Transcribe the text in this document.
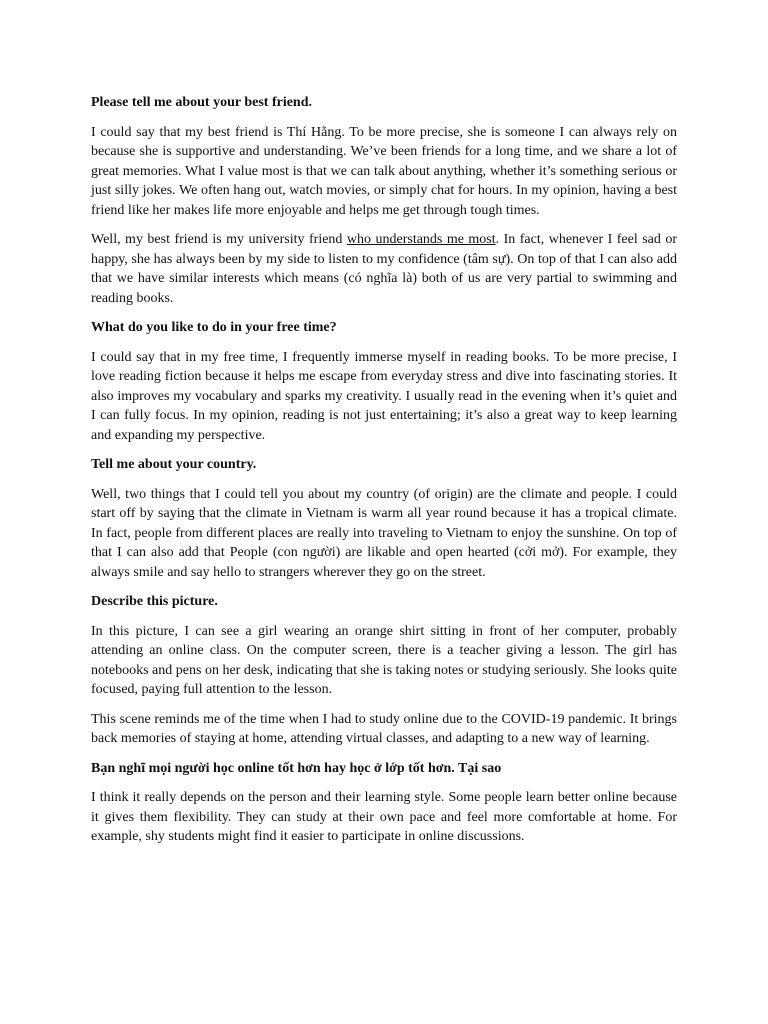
Please tell me about your best friend.
I could say that my best friend is Thí Hằng. To be more precise, she is someone I can always rely on because she is supportive and understanding. We’ve been friends for a long time, and we share a lot of great memories. What I value most is that we can talk about anything, whether it’s something serious or just silly jokes. We often hang out, watch movies, or simply chat for hours. In my opinion, having a best friend like her makes life more enjoyable and helps me get through tough times.
Well, my best friend is my university friend who understands me most. In fact, whenever I feel sad or happy, she has always been by my side to listen to my confidence (tâm sự). On top of that I can also add that we have similar interests which means (có nghĩa là) both of us are very partial to swimming and reading books.
What do you like to do in your free time?
I could say that in my free time, I frequently immerse myself in reading books. To be more precise, I love reading fiction because it helps me escape from everyday stress and dive into fascinating stories. It also improves my vocabulary and sparks my creativity. I usually read in the evening when it’s quiet and I can fully focus. In my opinion, reading is not just entertaining; it’s also a great way to keep learning and expanding my perspective.
Tell me about your country.
Well, two things that I could tell you about my country (of origin) are the climate and people. I could start off by saying that the climate in Vietnam is warm all year round because it has a tropical climate. In fact, people from different places are really into traveling to Vietnam to enjoy the sunshine. On top of that I can also add that People (con người) are likable and open hearted (cởi mở). For example, they always smile and say hello to strangers wherever they go on the street.
Describe this picture.
In this picture, I can see a girl wearing an orange shirt sitting in front of her computer, probably attending an online class. On the computer screen, there is a teacher giving a lesson. The girl has notebooks and pens on her desk, indicating that she is taking notes or studying seriously. She looks quite focused, paying full attention to the lesson.
This scene reminds me of the time when I had to study online due to the COVID-19 pandemic. It brings back memories of staying at home, attending virtual classes, and adapting to a new way of learning.
Bạn nghĩ mọi người học online tốt hơn hay học ở lớp tốt hơn. Tại sao
I think it really depends on the person and their learning style. Some people learn better online because it gives them flexibility. They can study at their own pace and feel more comfortable at home. For example, shy students might find it easier to participate in online discussions.
